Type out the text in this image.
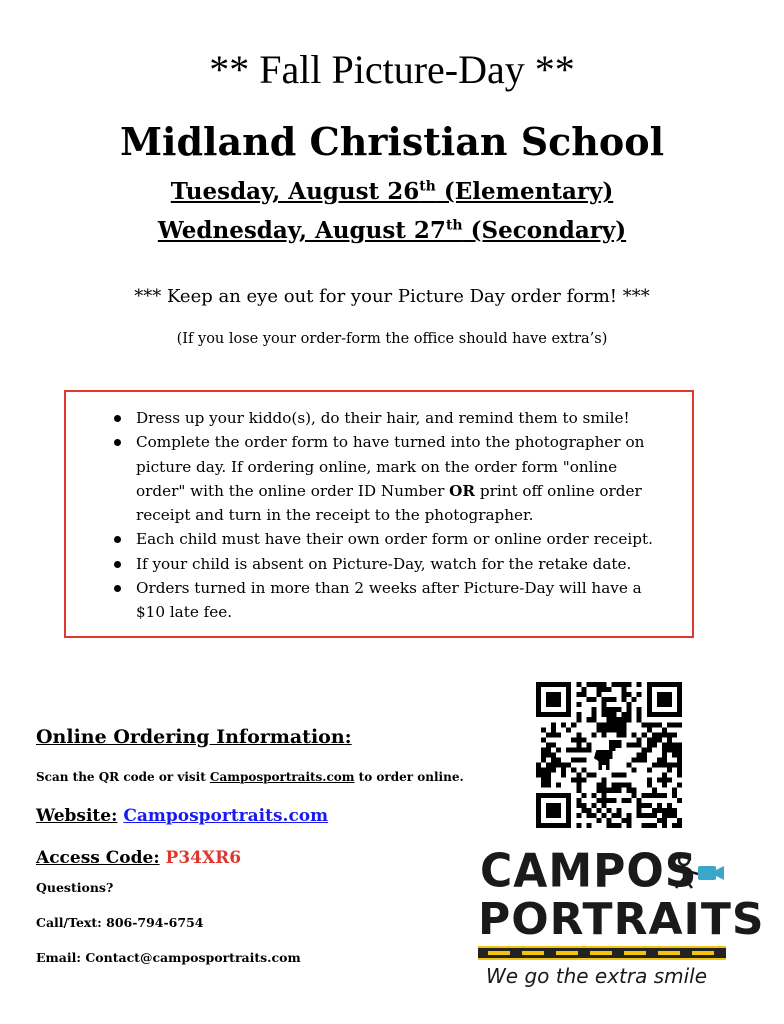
** Fall Picture-Day **
Midland Christian School
Tuesday, August 26th (Elementary)
Wednesday, August 27th (Secondary)
*** Keep an eye out for your Picture Day order form! ***
(If you lose your order-form the office should have extra’s)
Dress up your kiddo(s), do their hair, and remind them to smile!
Complete the order form to have turned into the photographer on picture day. If ordering online, mark on the order form "online order" with the online order ID Number OR print off online order receipt and turn in the receipt to the photographer.
Each child must have their own order form or online order receipt.
If your child is absent on Picture-Day, watch for the retake date.
Orders turned in more than 2 weeks after Picture-Day will have a $10 late fee.
Online Ordering Information:
Scan the QR code or visit Camposportraits.com to order online.
Website: Camposportraits.com
Access Code: P34XR6
Questions?
Call/Text: 806-794-6754
Email: Contact@camposportraits.com
CAMPOS
PORTRAITS
We go the extra smile
